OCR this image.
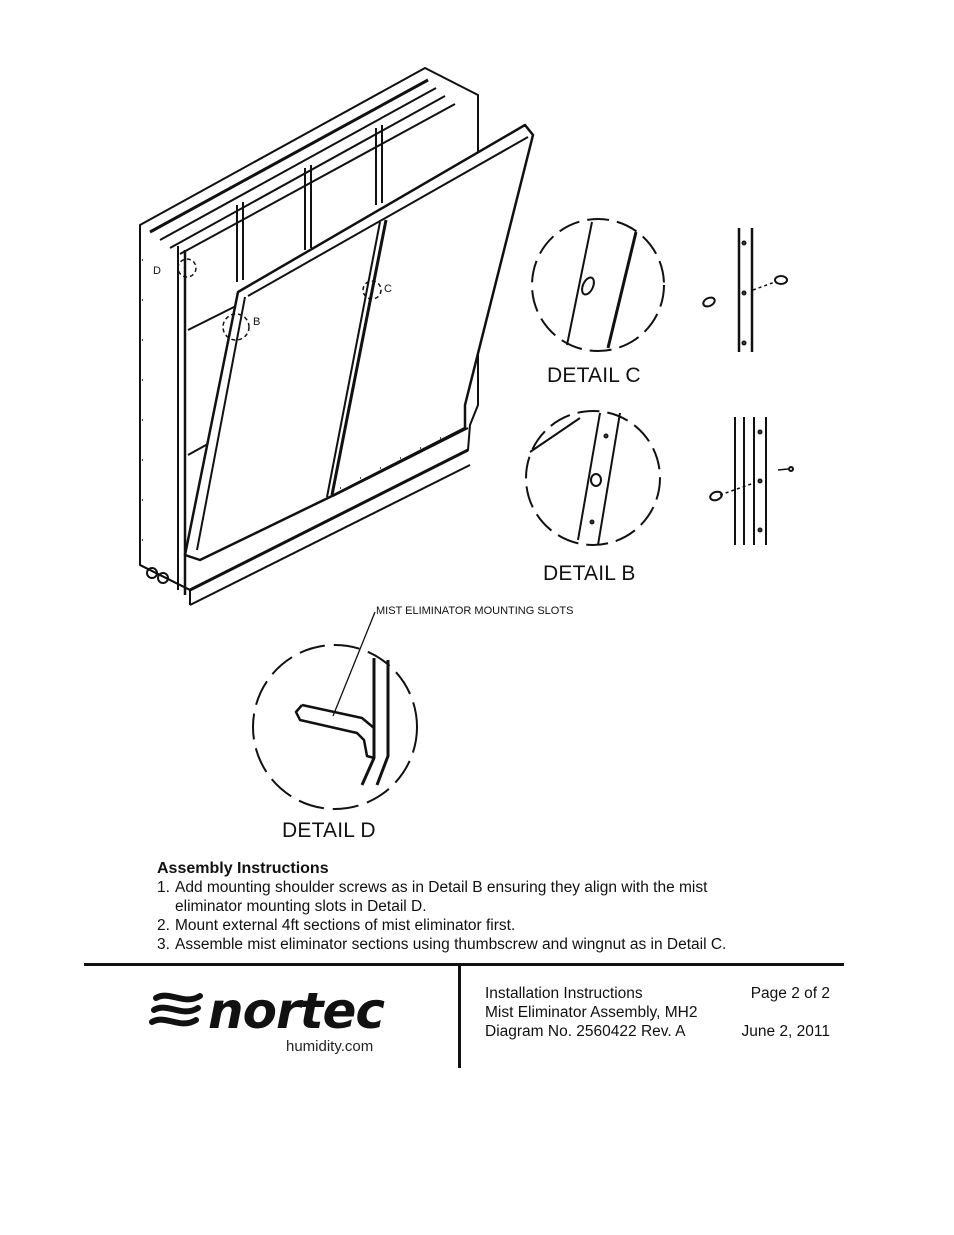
D
C
B
MIST ELIMINATOR MOUNTING SLOTS
DETAIL C
DETAIL B
DETAIL D
Assembly Instructions
1. Add mounting shoulder screws as in Detail B ensuring they align with the mist
eliminator mounting slots in Detail D.
2. Mount external 4ft sections of mist eliminator first.
3. Assemble mist eliminator sections using thumbscrew and wingnut as in Detail C.
nortec
humidity.com
Installation Instructions	Page 2 of 2
Mist Eliminator Assembly, MH2
Diagram No. 2560422 Rev. A	June 2, 2011
